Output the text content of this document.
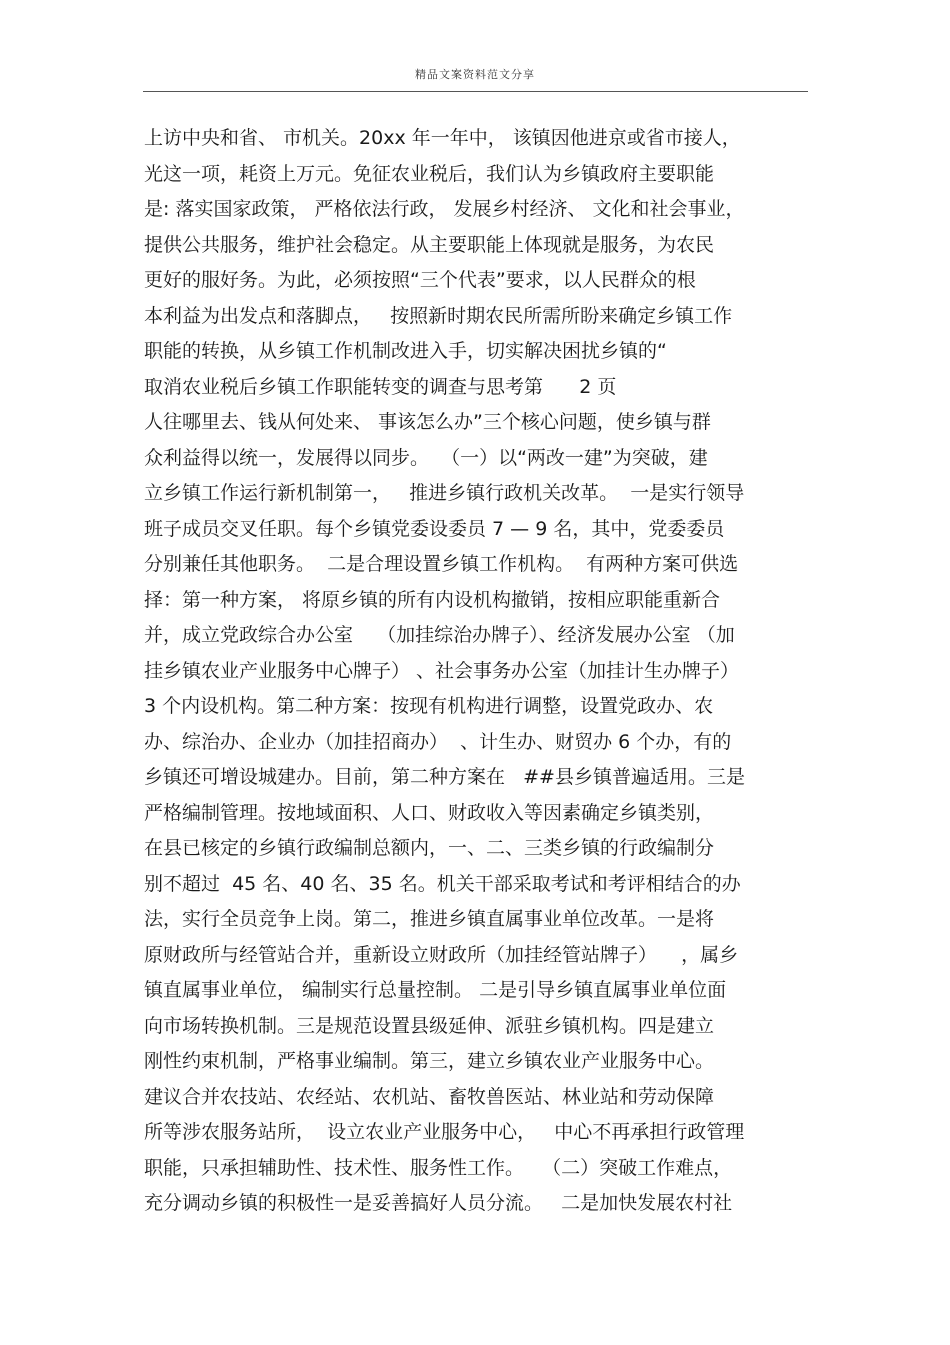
精品文案资料范文分享
上访中央和省、 市机关。20xx 年一年中， 该镇因他进京或省市接人，
光这一项，耗资上万元。免征农业税后，我们认为乡镇政府主要职能
是: 落实国家政策， 严格依法行政， 发展乡村经济、 文化和社会事业，
提供公共服务，维护社会稳定。从主要职能上体现就是服务，为农民
更好的服好务。为此，必须按照“三个代表”要求，以人民群众的根
本利益为出发点和落脚点，   按照新时期农民所需所盼来确定乡镇工作
职能的转换，从乡镇工作机制改进入手，切实解决困扰乡镇的“
取消农业税后乡镇工作职能转变的调查与思考第      2 页
人往哪里去、钱从何处来、 事该怎么办”三个核心问题，使乡镇与群
众利益得以统一，发展得以同步。  （一）以“两改一建”为突破，建
立乡镇工作运行新机制第一，   推进乡镇行政机关改革。  一是实行领导
班子成员交叉任职。每个乡镇党委设委员 7 — 9 名，其中，党委委员
分别兼任其他职务。  二是合理设置乡镇工作机构。  有两种方案可供选
择：第一种方案， 将原乡镇的所有内设机构撤销，按相应职能重新合
并，成立党政综合办公室    （加挂综治办牌子）、经济发展办公室 （加
挂乡镇农业产业服务中心牌子） 、社会事务办公室（加挂计生办牌子）
3 个内设机构。第二种方案：按现有机构进行调整，设置党政办、农
办、综治办、企业办（加挂招商办）  、计生办、财贸办 6 个办，有的
乡镇还可增设城建办。目前，第二种方案在   ##县乡镇普遍适用。三是
严格编制管理。按地域面积、人口、财政收入等因素确定乡镇类别，
在县已核定的乡镇行政编制总额内，一、二、三类乡镇的行政编制分
别不超过  45 名、40 名、35 名。机关干部采取考试和考评相结合的办
法，实行全员竞争上岗。第二，推进乡镇直属事业单位改革。一是将
原财政所与经管站合并，重新设立财政所（加挂经管站牌子）    ，属乡
镇直属事业单位， 编制实行总量控制。 二是引导乡镇直属事业单位面
向市场转换机制。三是规范设置县级延伸、派驻乡镇机构。四是建立
刚性约束机制，严格事业编制。第三，建立乡镇农业产业服务中心。
建议合并农技站、农经站、农机站、畜牧兽医站、林业站和劳动保障
所等涉农服务站所，  设立农业产业服务中心，   中心不再承担行政管理
职能，只承担辅助性、技术性、服务性工作。   （二）突破工作难点，
充分调动乡镇的积极性一是妥善搞好人员分流。   二是加快发展农村社
